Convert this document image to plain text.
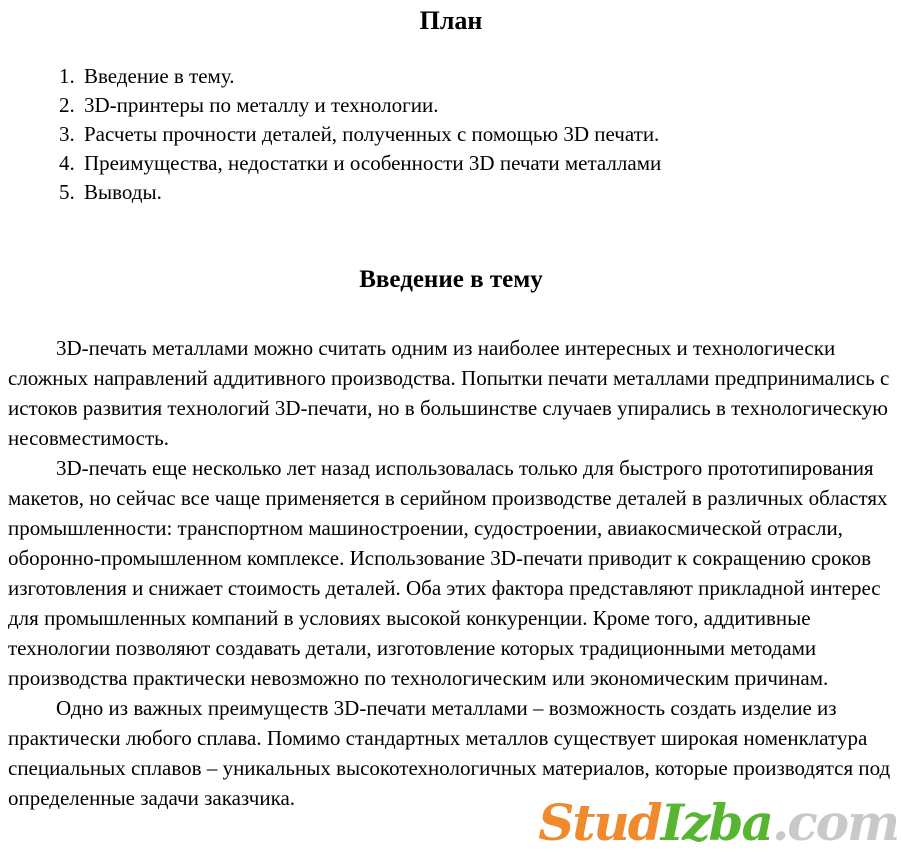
План
1. Введение в тему.
2. 3D-принтеры по металлу и технологии.
3. Расчеты прочности деталей, полученных с помощью 3D печати.
4. Преимущества, недостатки и особенности 3D печати металлами
5. Выводы.
Введение в тему

3D-печать металлами можно считать одним из наиболее интересных и технологически сложных направлений аддитивного производства. Попытки печати металлами предпринимались с истоков развития технологий 3D-печати, но в большинстве случаев упирались в технологическую несовместимость.

3D-печать еще несколько лет назад использовалась только для быстрого прототипирования макетов, но сейчас все чаще применяется в серийном производстве деталей в различных областях промышленности: транспортном машиностроении, судостроении, авиакосмической отрасли, оборонно-промышленном комплексе. Использование 3D-печати приводит к сокращению сроков изготовления и снижает стоимость деталей. Оба этих фактора представляют прикладной интерес для промышленных компаний в условиях высокой конкуренции. Кроме того, аддитивные технологии позволяют создавать детали, изготовление которых традиционными методами производства практически невозможно по технологическим или экономическим причинам.

Одно из важных преимуществ 3D-печати металлами – возможность создать изделие из практически любого сплава. Помимо стандартных металлов существует широкая номенклатура специальных сплавов – уникальных высокотехнологичных материалов, которые производятся под определенные задачи заказчика.	StudIzba.com
